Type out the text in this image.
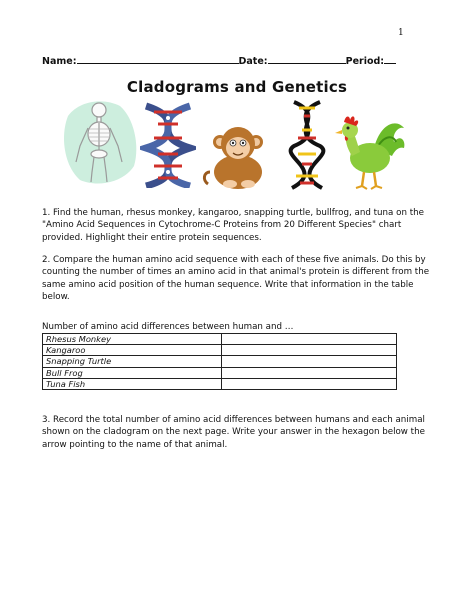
1
Name:	Date:	Period:
Cladograms and Genetics
1. Find the human, rhesus monkey, kangaroo, snapping turtle, bullfrog, and tuna on the "Amino Acid Sequences in Cytochrome-C Proteins from 20 Different Species" chart provided. Highlight their entire protein sequences.
2. Compare the human amino acid sequence with each of these five animals. Do this by counting the number of times an amino acid in that animal's protein is different from the same amino acid position of the human sequence. Write that information in the table below.
Number of amino acid differences between human and …
Rhesus Monkey	
Kangaroo	
Snapping Turtle	
Bull Frog	
Tuna Fish	
3. Record the total number of amino acid differences between humans and each animal shown on the cladogram on the next page. Write your answer in the hexagon below the arrow pointing to the name of that animal.
